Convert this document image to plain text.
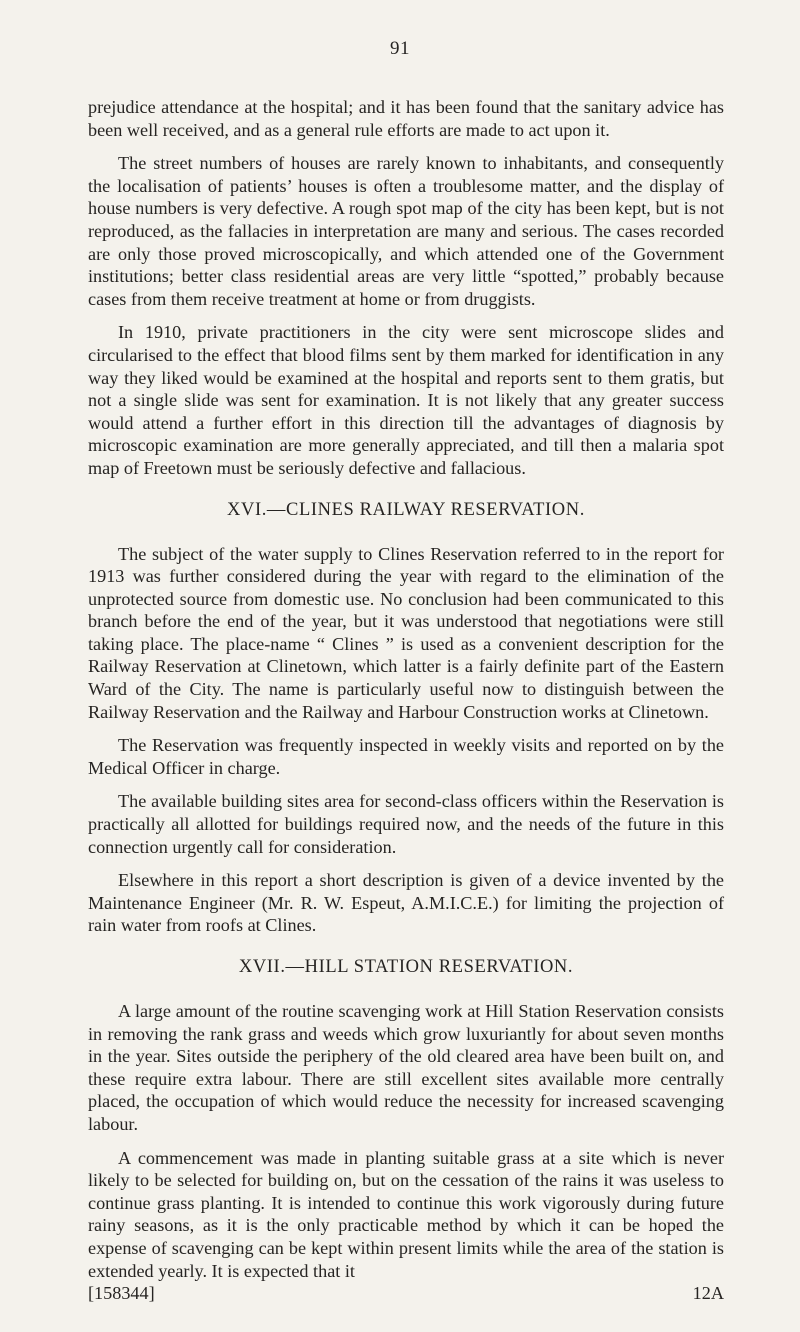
91

prejudice attendance at the hospital; and it has been found that the sanitary advice has been well received, and as a general rule efforts are made to act upon it.

The street numbers of houses are rarely known to inhabitants, and consequently the localisation of patients’ houses is often a troublesome matter, and the display of house numbers is very defective. A rough spot map of the city has been kept, but is not reproduced, as the fallacies in interpretation are many and serious. The cases recorded are only those proved microscopically, and which attended one of the Government institutions; better class residential areas are very little “spotted,” probably because cases from them receive treatment at home or from druggists.

In 1910, private practitioners in the city were sent microscope slides and circularised to the effect that blood films sent by them marked for identification in any way they liked would be examined at the hospital and reports sent to them gratis, but not a single slide was sent for examination. It is not likely that any greater success would attend a further effort in this direction till the advantages of diagnosis by microscopic examination are more generally appreciated, and till then a malaria spot map of Freetown must be seriously defective and fallacious.

XVI.—CLINES RAILWAY RESERVATION.

The subject of the water supply to Clines Reservation referred to in the report for 1913 was further considered during the year with regard to the elimination of the unprotected source from domestic use. No conclusion had been communicated to this branch before the end of the year, but it was understood that negotiations were still taking place. The place-name “ Clines ” is used as a convenient description for the Railway Reservation at Clinetown, which latter is a fairly definite part of the Eastern Ward of the City. The name is particularly useful now to distinguish between the Railway Reservation and the Railway and Harbour Construction works at Clinetown.

The Reservation was frequently inspected in weekly visits and reported on by the Medical Officer in charge.

The available building sites area for second-class officers within the Reservation is practically all allotted for buildings required now, and the needs of the future in this connection urgently call for consideration.

Elsewhere in this report a short description is given of a device invented by the Maintenance Engineer (Mr. R. W. Espeut, A.M.I.C.E.) for limiting the projection of rain water from roofs at Clines.

XVII.—HILL STATION RESERVATION.

A large amount of the routine scavenging work at Hill Station Reservation consists in removing the rank grass and weeds which grow luxuriantly for about seven months in the year. Sites outside the periphery of the old cleared area have been built on, and these require extra labour. There are still excellent sites available more centrally placed, the occupation of which would reduce the necessity for increased scavenging labour.

A commencement was made in planting suitable grass at a site which is never likely to be selected for building on, but on the cessation of the rains it was useless to continue grass planting. It is intended to continue this work vigorously during future rainy seasons, as it is the only practicable method by which it can be hoped the expense of scavenging can be kept within present limits while the area of the station is extended yearly. It is expected that it

[158344]	12A
